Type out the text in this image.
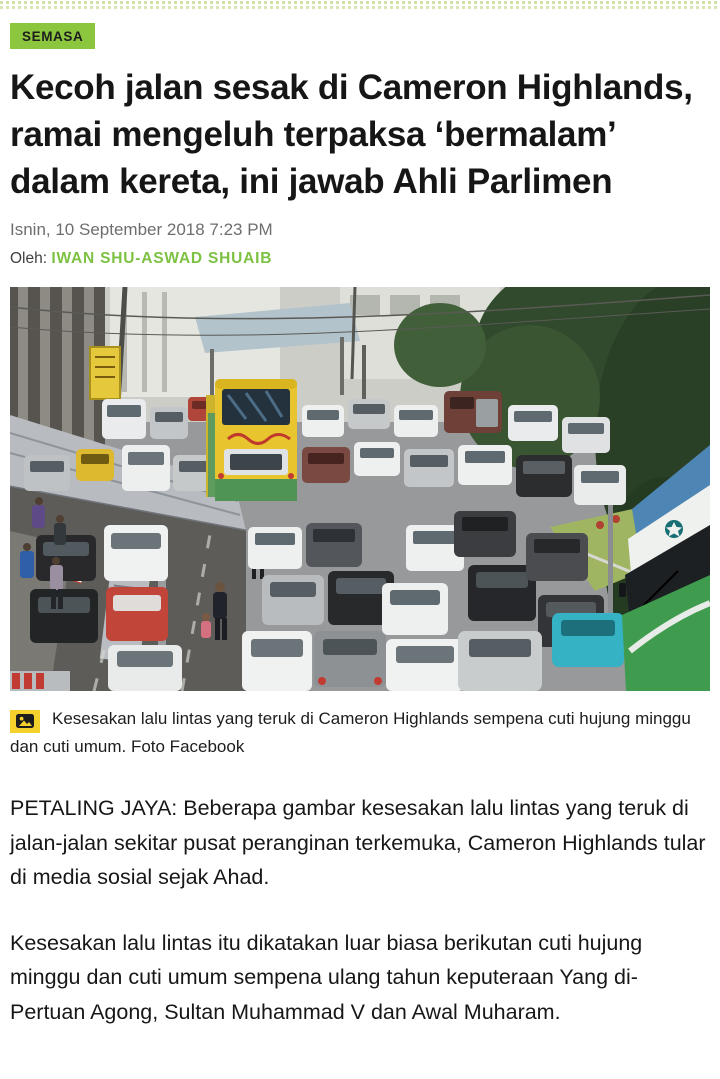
SEMASA
Kecoh jalan sesak di Cameron Highlands, ramai mengeluh terpaksa ‘bermalam’ dalam kereta, ini jawab Ahli Parlimen
Isnin, 10 September 2018 7:23 PM
Oleh: IWAN SHU-ASWAD SHUAIB
Kesesakan lalu lintas yang teruk di Cameron Highlands sempena cuti hujung minggu dan cuti umum. Foto Facebook

PETALING JAYA: Beberapa gambar kesesakan lalu lintas yang teruk di jalan-jalan sekitar pusat peranginan terkemuka, Cameron Highlands tular di media sosial sejak Ahad.

Kesesakan lalu lintas itu dikatakan luar biasa berikutan cuti hujung minggu dan cuti umum sempena ulang tahun keputeraan Yang di-Pertuan Agong, Sultan Muhammad V dan Awal Muharam.
